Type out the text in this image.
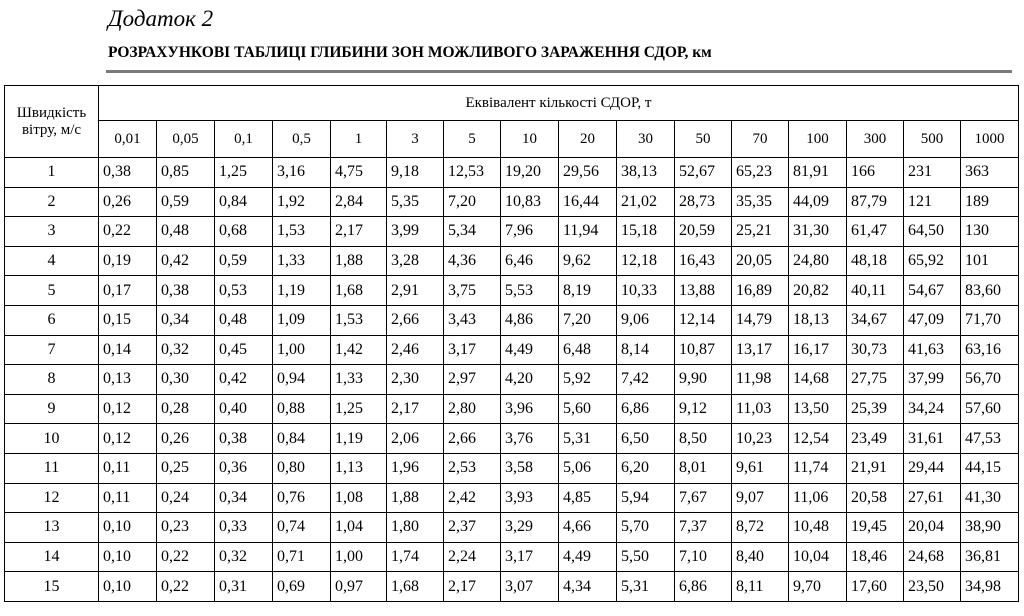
Додаток 2
РОЗРАХУНКОВІ ТАБЛИЦІ ГЛИБИНИ ЗОН МОЖЛИВОГО ЗАРАЖЕННЯ СДОР, км
Швидкість вітру, м/с	Еквівалент кількості СДОР, т															
	0,01	0,05	0,1	0,5	1	3	5	10	20	30	50	70	100	300	500	1000
1	0,38	0,85	1,25	3,16	4,75	9,18	12,53	19,20	29,56	38,13	52,67	65,23	81,91	166	231	363
2	0,26	0,59	0,84	1,92	2,84	5,35	7,20	10,83	16,44	21,02	28,73	35,35	44,09	87,79	121	189
3	0,22	0,48	0,68	1,53	2,17	3,99	5,34	7,96	11,94	15,18	20,59	25,21	31,30	61,47	64,50	130
4	0,19	0,42	0,59	1,33	1,88	3,28	4,36	6,46	9,62	12,18	16,43	20,05	24,80	48,18	65,92	101
5	0,17	0,38	0,53	1,19	1,68	2,91	3,75	5,53	8,19	10,33	13,88	16,89	20,82	40,11	54,67	83,60
6	0,15	0,34	0,48	1,09	1,53	2,66	3,43	4,86	7,20	9,06	12,14	14,79	18,13	34,67	47,09	71,70
7	0,14	0,32	0,45	1,00	1,42	2,46	3,17	4,49	6,48	8,14	10,87	13,17	16,17	30,73	41,63	63,16
8	0,13	0,30	0,42	0,94	1,33	2,30	2,97	4,20	5,92	7,42	9,90	11,98	14,68	27,75	37,99	56,70
9	0,12	0,28	0,40	0,88	1,25	2,17	2,80	3,96	5,60	6,86	9,12	11,03	13,50	25,39	34,24	57,60
10	0,12	0,26	0,38	0,84	1,19	2,06	2,66	3,76	5,31	6,50	8,50	10,23	12,54	23,49	31,61	47,53
11	0,11	0,25	0,36	0,80	1,13	1,96	2,53	3,58	5,06	6,20	8,01	9,61	11,74	21,91	29,44	44,15
12	0,11	0,24	0,34	0,76	1,08	1,88	2,42	3,93	4,85	5,94	7,67	9,07	11,06	20,58	27,61	41,30
13	0,10	0,23	0,33	0,74	1,04	1,80	2,37	3,29	4,66	5,70	7,37	8,72	10,48	19,45	20,04	38,90
14	0,10	0,22	0,32	0,71	1,00	1,74	2,24	3,17	4,49	5,50	7,10	8,40	10,04	18,46	24,68	36,81
15	0,10	0,22	0,31	0,69	0,97	1,68	2,17	3,07	4,34	5,31	6,86	8,11	9,70	17,60	23,50	34,98
